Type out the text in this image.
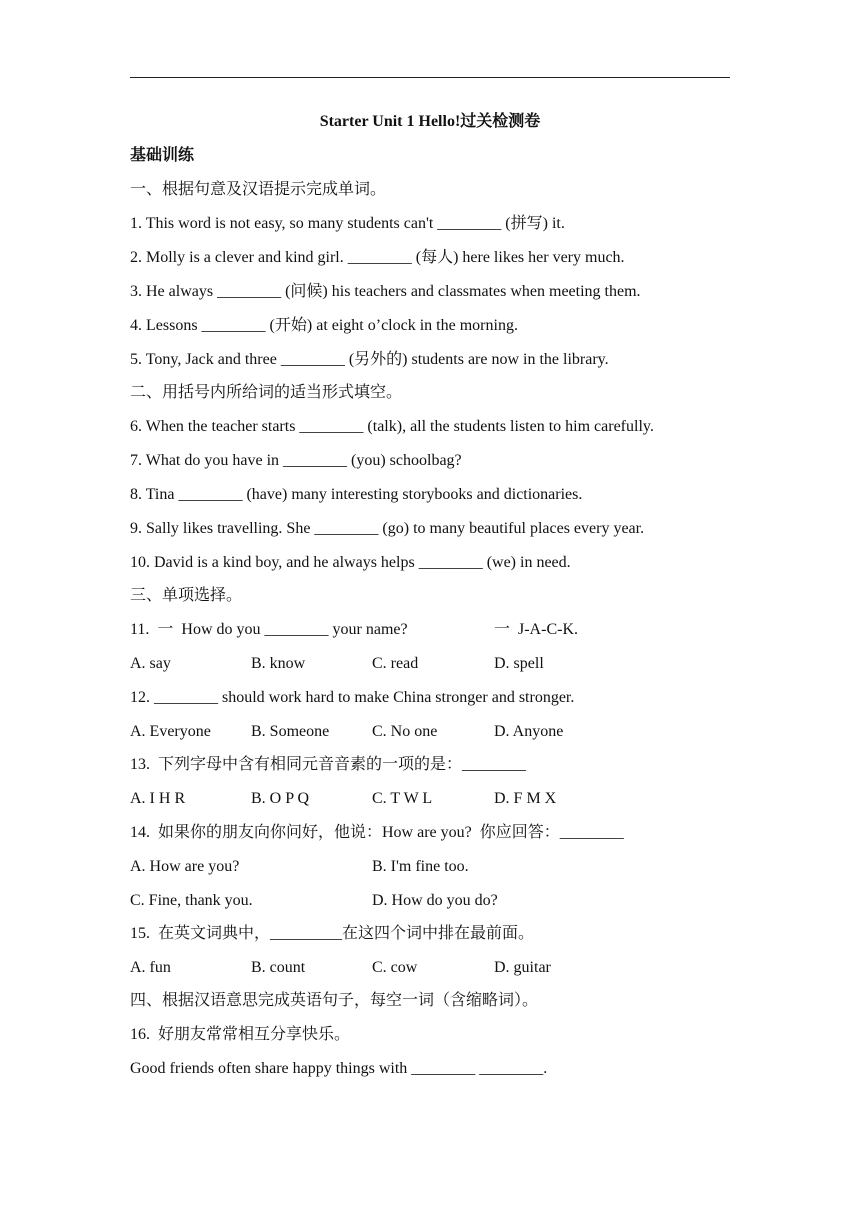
Starter Unit 1 Hello!过关检测卷
基础训练
一、根据句意及汉语提示完成单词。
1. This word is not easy, so many students can't ________ (拼写) it.
2. Molly is a clever and kind girl. ________ (每人) here likes her very much.
3. He always ________ (问候) his teachers and classmates when meeting them.
4. Lessons ________ (开始) at eight o’clock in the morning.
5. Tony, Jack and three ________ (另外的) students are now in the library.
二、用括号内所给词的适当形式填空。
6. When the teacher starts ________ (talk), all the students listen to him carefully.
7. What do you have in ________ (you) schoolbag?
8. Tina ________ (have) many interesting storybooks and dictionaries.
9. Sally likes travelling. She ________ (go) to many beautiful places every year.
10. David is a kind boy, and he always helps ________ (we) in need.
三、单项选择。
11.  一  How do you ________ your name?	一  J-A-C-K.
A. say	B. know	C. read	D. spell
12. ________ should work hard to make China stronger and stronger.
A. Everyone	B. Someone	C. No one	D. Anyone
13.  下列字母中含有相同元音音素的一项的是：________
A. I H R	B. O P Q	C. T W L	D. F M X
14.  如果你的朋友向你问好，他说：How are you?  你应回答：________
A. How are you?	B. I'm fine too.
C. Fine, thank you.	D. How do you do?
15.  在英文词典中，_________在这四个词中排在最前面。
A. fun	B. count	C. cow	D. guitar
四、根据汉语意思完成英语句子，每空一词（含缩略词）。
16.  好朋友常常相互分享快乐。
Good friends often share happy things with ________ ________.
